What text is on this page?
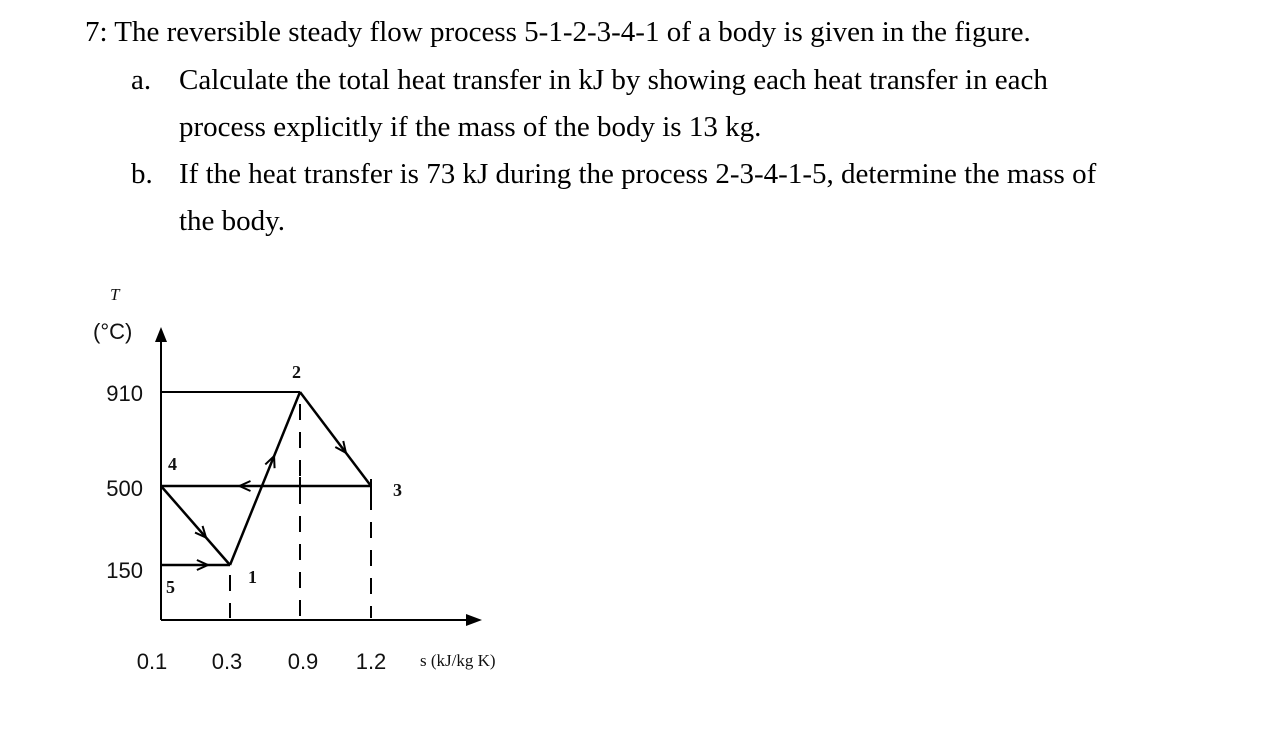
7: The reversible steady flow process 5-1-2-3-4-1 of a body is given in the figure.
a. Calculate the total heat transfer in kJ by showing each heat transfer in each
process explicitly if the mass of the body is 13 kg.
b. If the heat transfer is 73 kJ during the process 2-3-4-1-5, determine the mass of
the body.
T
(°C)
s (kJ/kg K)
910
500
150
0.1 0.3 0.9 1.2
5	1
2
3
4
